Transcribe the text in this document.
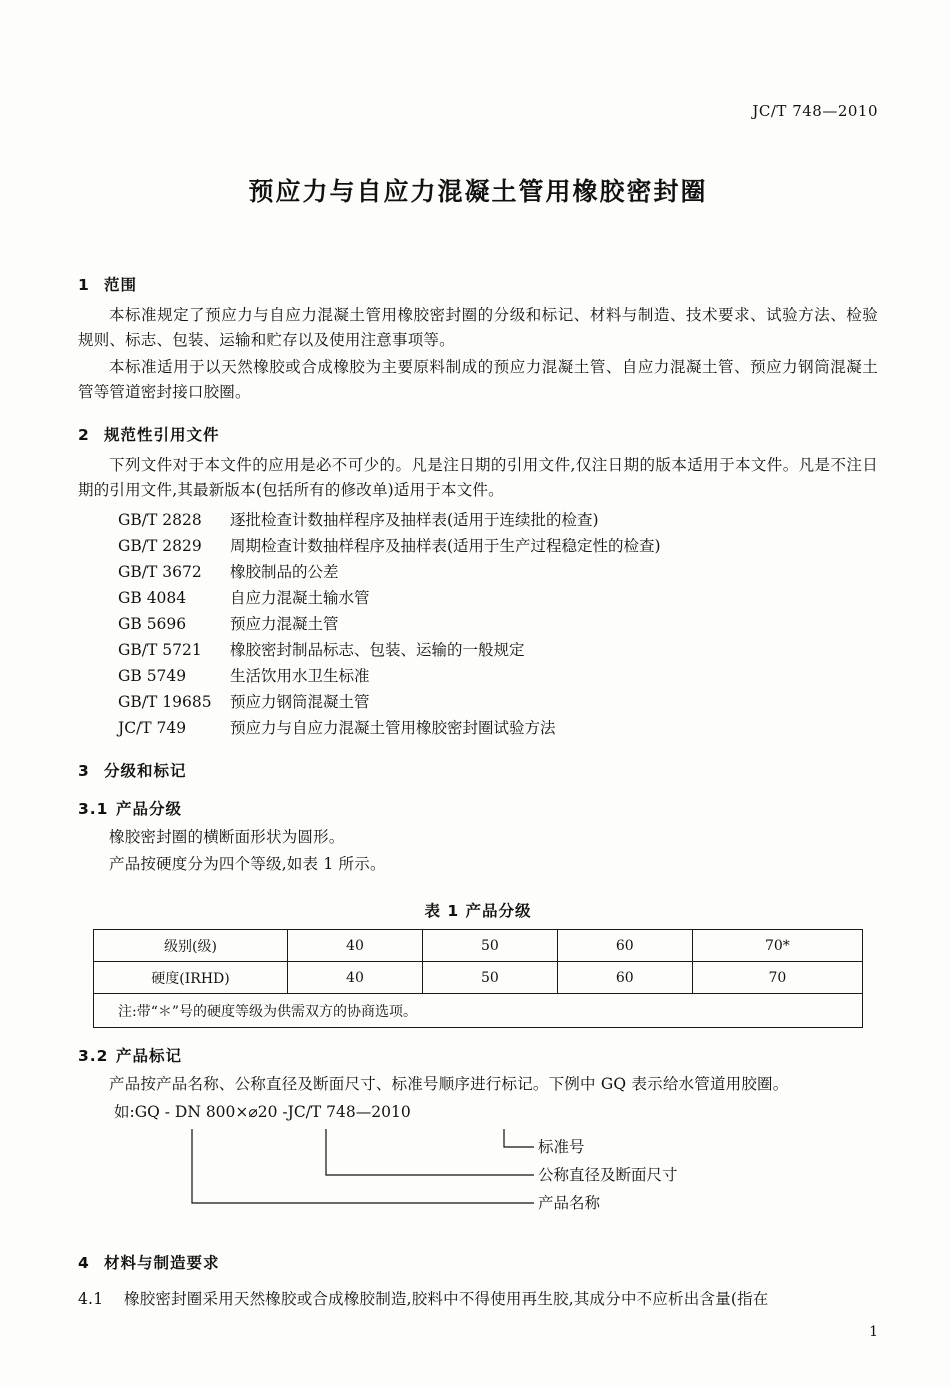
JC/T 748—2010
预应力与自应力混凝土管用橡胶密封圈
1 范围

本标准规定了预应力与自应力混凝土管用橡胶密封圈的分级和标记、材料与制造、技术要求、试验方法、检验规则、标志、包装、运输和贮存以及使用注意事项等。

本标准适用于以天然橡胶或合成橡胶为主要原料制成的预应力混凝土管、自应力混凝土管、预应力钢筒混凝土管等管道密封接口胶圈。

2 规范性引用文件

下列文件对于本文件的应用是必不可少的。凡是注日期的引用文件,仅注日期的版本适用于本文件。凡是不注日期的引用文件,其最新版本(包括所有的修改单)适用于本文件。

GB/T 2828 逐批检查计数抽样程序及抽样表(适用于连续批的检查)
GB/T 2829 周期检查计数抽样程序及抽样表(适用于生产过程稳定性的检查)
GB/T 3672 橡胶制品的公差
GB 4084	自应力混凝土输水管
GB 5696	预应力混凝土管
GB/T 5721 橡胶密封制品标志、包装、运输的一般规定
GB 5749	生活饮用水卫生标准
GB/T 19685 预应力钢筒混凝土管
JC/T 749	预应力与自应力混凝土管用橡胶密封圈试验方法
3 分级和标记
3.1 产品分级

橡胶密封圈的横断面形状为圆形。

产品按硬度分为四个等级,如表 1 所示。

表 1 产品分级
级别(级)	40	50	60	70*
硬度(IRHD)	40	50	60	70
注:带“＊”号的硬度等级为供需双方的协商选项。				
3.2 产品标记

产品按产品名称、公称直径及断面尺寸、标准号顺序进行标记。下例中 GQ 表示给水管道用胶圈。

如:GQ - DN 800×⌀20 -JC/T 748—2010
标准号
公称直径及断面尺寸
产品名称
4 材料与制造要求

4.1 橡胶密封圈采用天然橡胶或合成橡胶制造,胶料中不得使用再生胶,其成分中不应析出含量(指在

1
